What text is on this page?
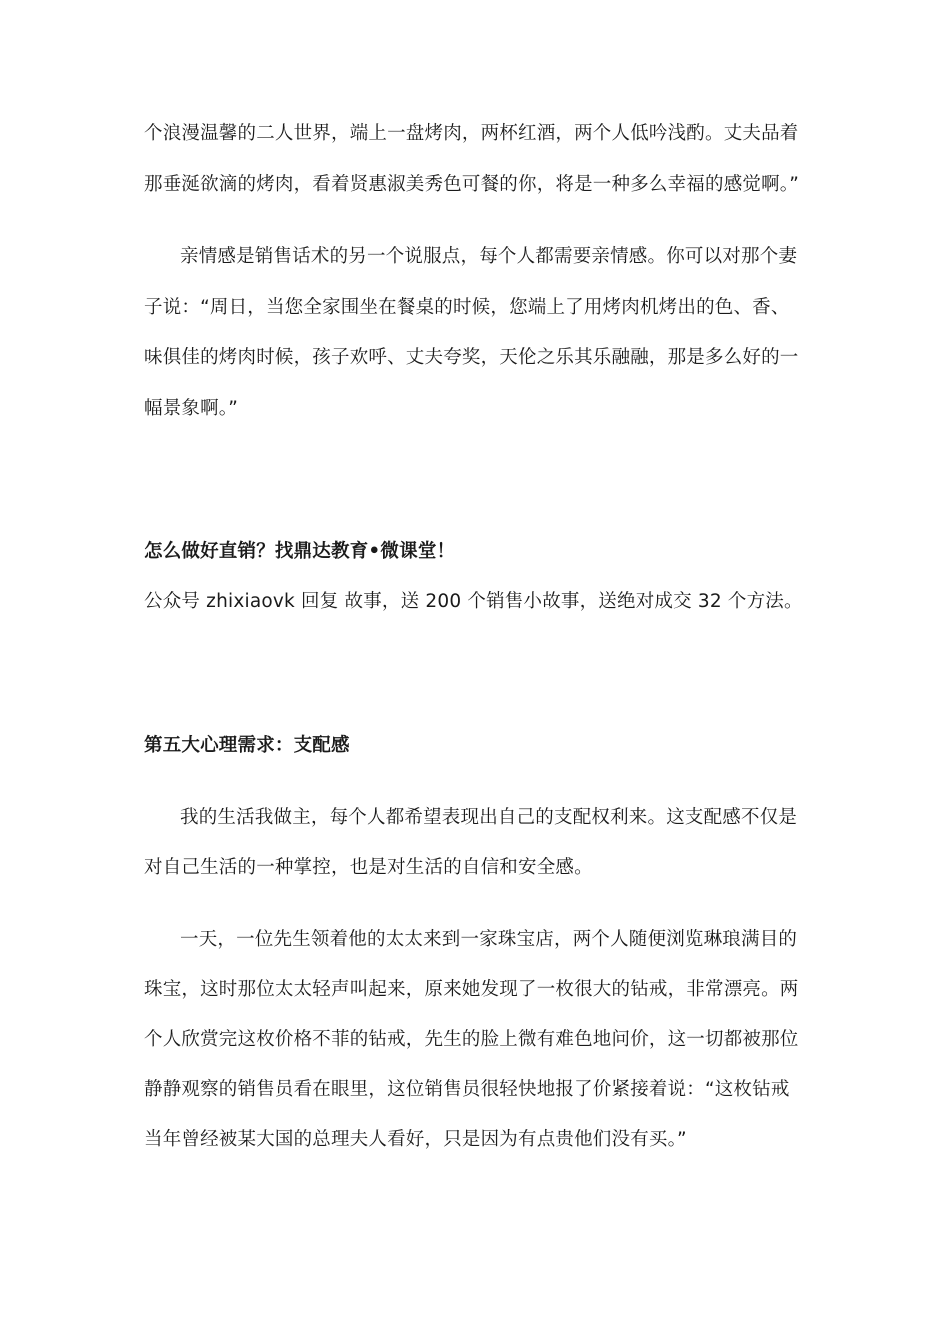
个浪漫温馨的二人世界，端上一盘烤肉，两杯红酒，两个人低吟浅酌。丈夫品着
那垂涎欲滴的烤肉，看着贤惠淑美秀色可餐的你，将是一种多么幸福的感觉啊。”
亲情感是销售话术的另一个说服点，每个人都需要亲情感。你可以对那个妻
子说：“周日，当您全家围坐在餐桌的时候，您端上了用烤肉机烤出的色、香、
味俱佳的烤肉时候，孩子欢呼、丈夫夸奖，天伦之乐其乐融融，那是多么好的一
幅景象啊。”
怎么做好直销？找鼎达教育•微课堂！
公众号 zhixiaovk 回复 故事，送 200 个销售小故事，送绝对成交 32 个方法。
第五大心理需求：支配感
我的生活我做主，每个人都希望表现出自己的支配权利来。这支配感不仅是
对自己生活的一种掌控，也是对生活的自信和安全感。
一天，一位先生领着他的太太来到一家珠宝店，两个人随便浏览琳琅满目的
珠宝，这时那位太太轻声叫起来，原来她发现了一枚很大的钻戒，非常漂亮。两
个人欣赏完这枚价格不菲的钻戒，先生的脸上微有难色地问价，这一切都被那位
静静观察的销售员看在眼里，这位销售员很轻快地报了价紧接着说：“这枚钻戒
当年曾经被某大国的总理夫人看好，只是因为有点贵他们没有买。”
